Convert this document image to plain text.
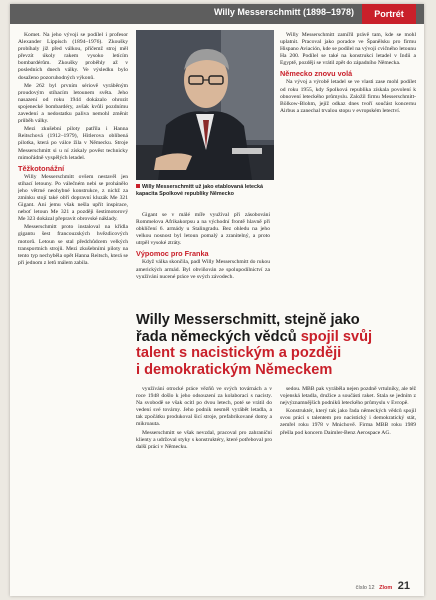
Willy Messerschmitt (1898–1978)	Portrét

Komet. Na jeho vývoji se podílel i profesor Alexander Lippisch (1894–1976). Zkoušky probíhaly již před válkou, přičemž stroj měl převzít úkoly rakem vysoko letícím bombardérům. Zkoušky proběhly až v posledních dnech války. Ve výsledku bylo dosaženo pozoruhodných výkonů.

Me 262 byl prvním sériově vyráběným proudovým stíhacím letounem světa. Jeho nasazení od roku 1944 dokázalo ohrozit spojenecké bombardéry, avšak kvůli pozdnímu zavedení a nedostatku paliva nemohl změnit průběh války.

Mezi zkušební piloty patřila i Hanna Reitschová (1912–1979), Hitlerova oblíbená pilotka, která po válce žila v Německu. Stroje Messerschmitt si u ní získaly pověst technicky mimořádně vyspělých letadel.

Těžkotonážní

Willy Messerschmitt ovšem nestavěl jen stíhací letouny. Po válečném nebi se prohánělo jeho větrné neohybné konstrukce, z nichž za zmínku stojí také obří dopravní kluzák Me 321 Gigant. Ani jemu však nešla upřít inspirace, neboť letoun Me 321 a později šestimotorový Me 323 dokázal přepravit obrovské náklady.

Messerschmitt proto instaloval na křídla gigantu šest francouzských hvězdicových motorů. Letoun se stal předchůdcem velkých transportních strojů. Mezi zkušebními piloty na tento typ nechyběla opět Hanna Reitsch, která se při jednom z letů málem zabila.

Willy Messerschmitt už jako etablovaná letecká kapacita Spolkové republiky Německo

Gigant se v málé míře využíval při zásobování Rommelova Afrikakorpsu a na východní frontě hlavně při obklíčení 6. armády u Stalingradu. Bez ohledu na jeho velkou nosnost byl letoun pomalý a zranitelný, a proto utrpěl vysoké ztráty.

Výpomoc pro Franka

Když válka skončila, padl Willy Messerschmitt do rukou amerických armád. Byl obviňován ze spolupodílnictví za využívání nucené práce ve svých závodech.

Willy Messerschmitt zamířil právě tam, kde se mohl uplatnit. Pracoval jako poradce ve Španělsku pro firmu Hispano Aviación, kde se podílel na vývoji cvičného letounu Ha 200. Podílel se také na konstrukci letadel v Indii a Egyptě, později se vrátil zpět do západního Německa.

Německo znovu volá

Na vývoj a výrobě letadel se ve vlasti zase mohl podílet od roku 1955, kdy Spolková republika získala povolení k obnovení leteckého průmyslu. Založil firmu Messerschmitt-Bölkow-Blohm, jejíž odkaz dnes tvoří součást koncernu Airbus a zanechal trvalou stopu v evropském letectví.

Willy Messerschmitt, stejně jako
řada německých vědců spojil svůj
talent s nacistickým a později
i demokratickým Německem

využívání otrocké práce vězňů ve svých továrnách a v roce 1948 došlo k jeho odsouzení za kolaboraci s nacisty. Na svobodě se však ocitl po dvou letech, poté se vrátil do vedení své továrny. Jeho podnik nesměl vyrábět letadla, a tak zpočátku produkoval šicí stroje, prefabrikované domy a mikroauta.

Messerschmitt se však nevzdal, pracoval pro zahraniční klienty a udržoval styky s konstruktéry, které potřeboval pro další práci v Německu.

sedou. MBB pak vyráběla nejen pozdně vrtulníky, ale též vojenská letadla, družice a součásti raket. Stala se jedním z nejvýznamnějších podniků leteckého průmyslu v Evropě.

Konstruktér, který tak jako řada německých vědců spojil svou práci s talentem pro nacistický i demokratický stát, zemřel roku 1978 v Mnichově. Firma MBB roku 1989 přešla pod koncern Daimler-Benz Aerospace AG.

číslo 12 Zlom 21
